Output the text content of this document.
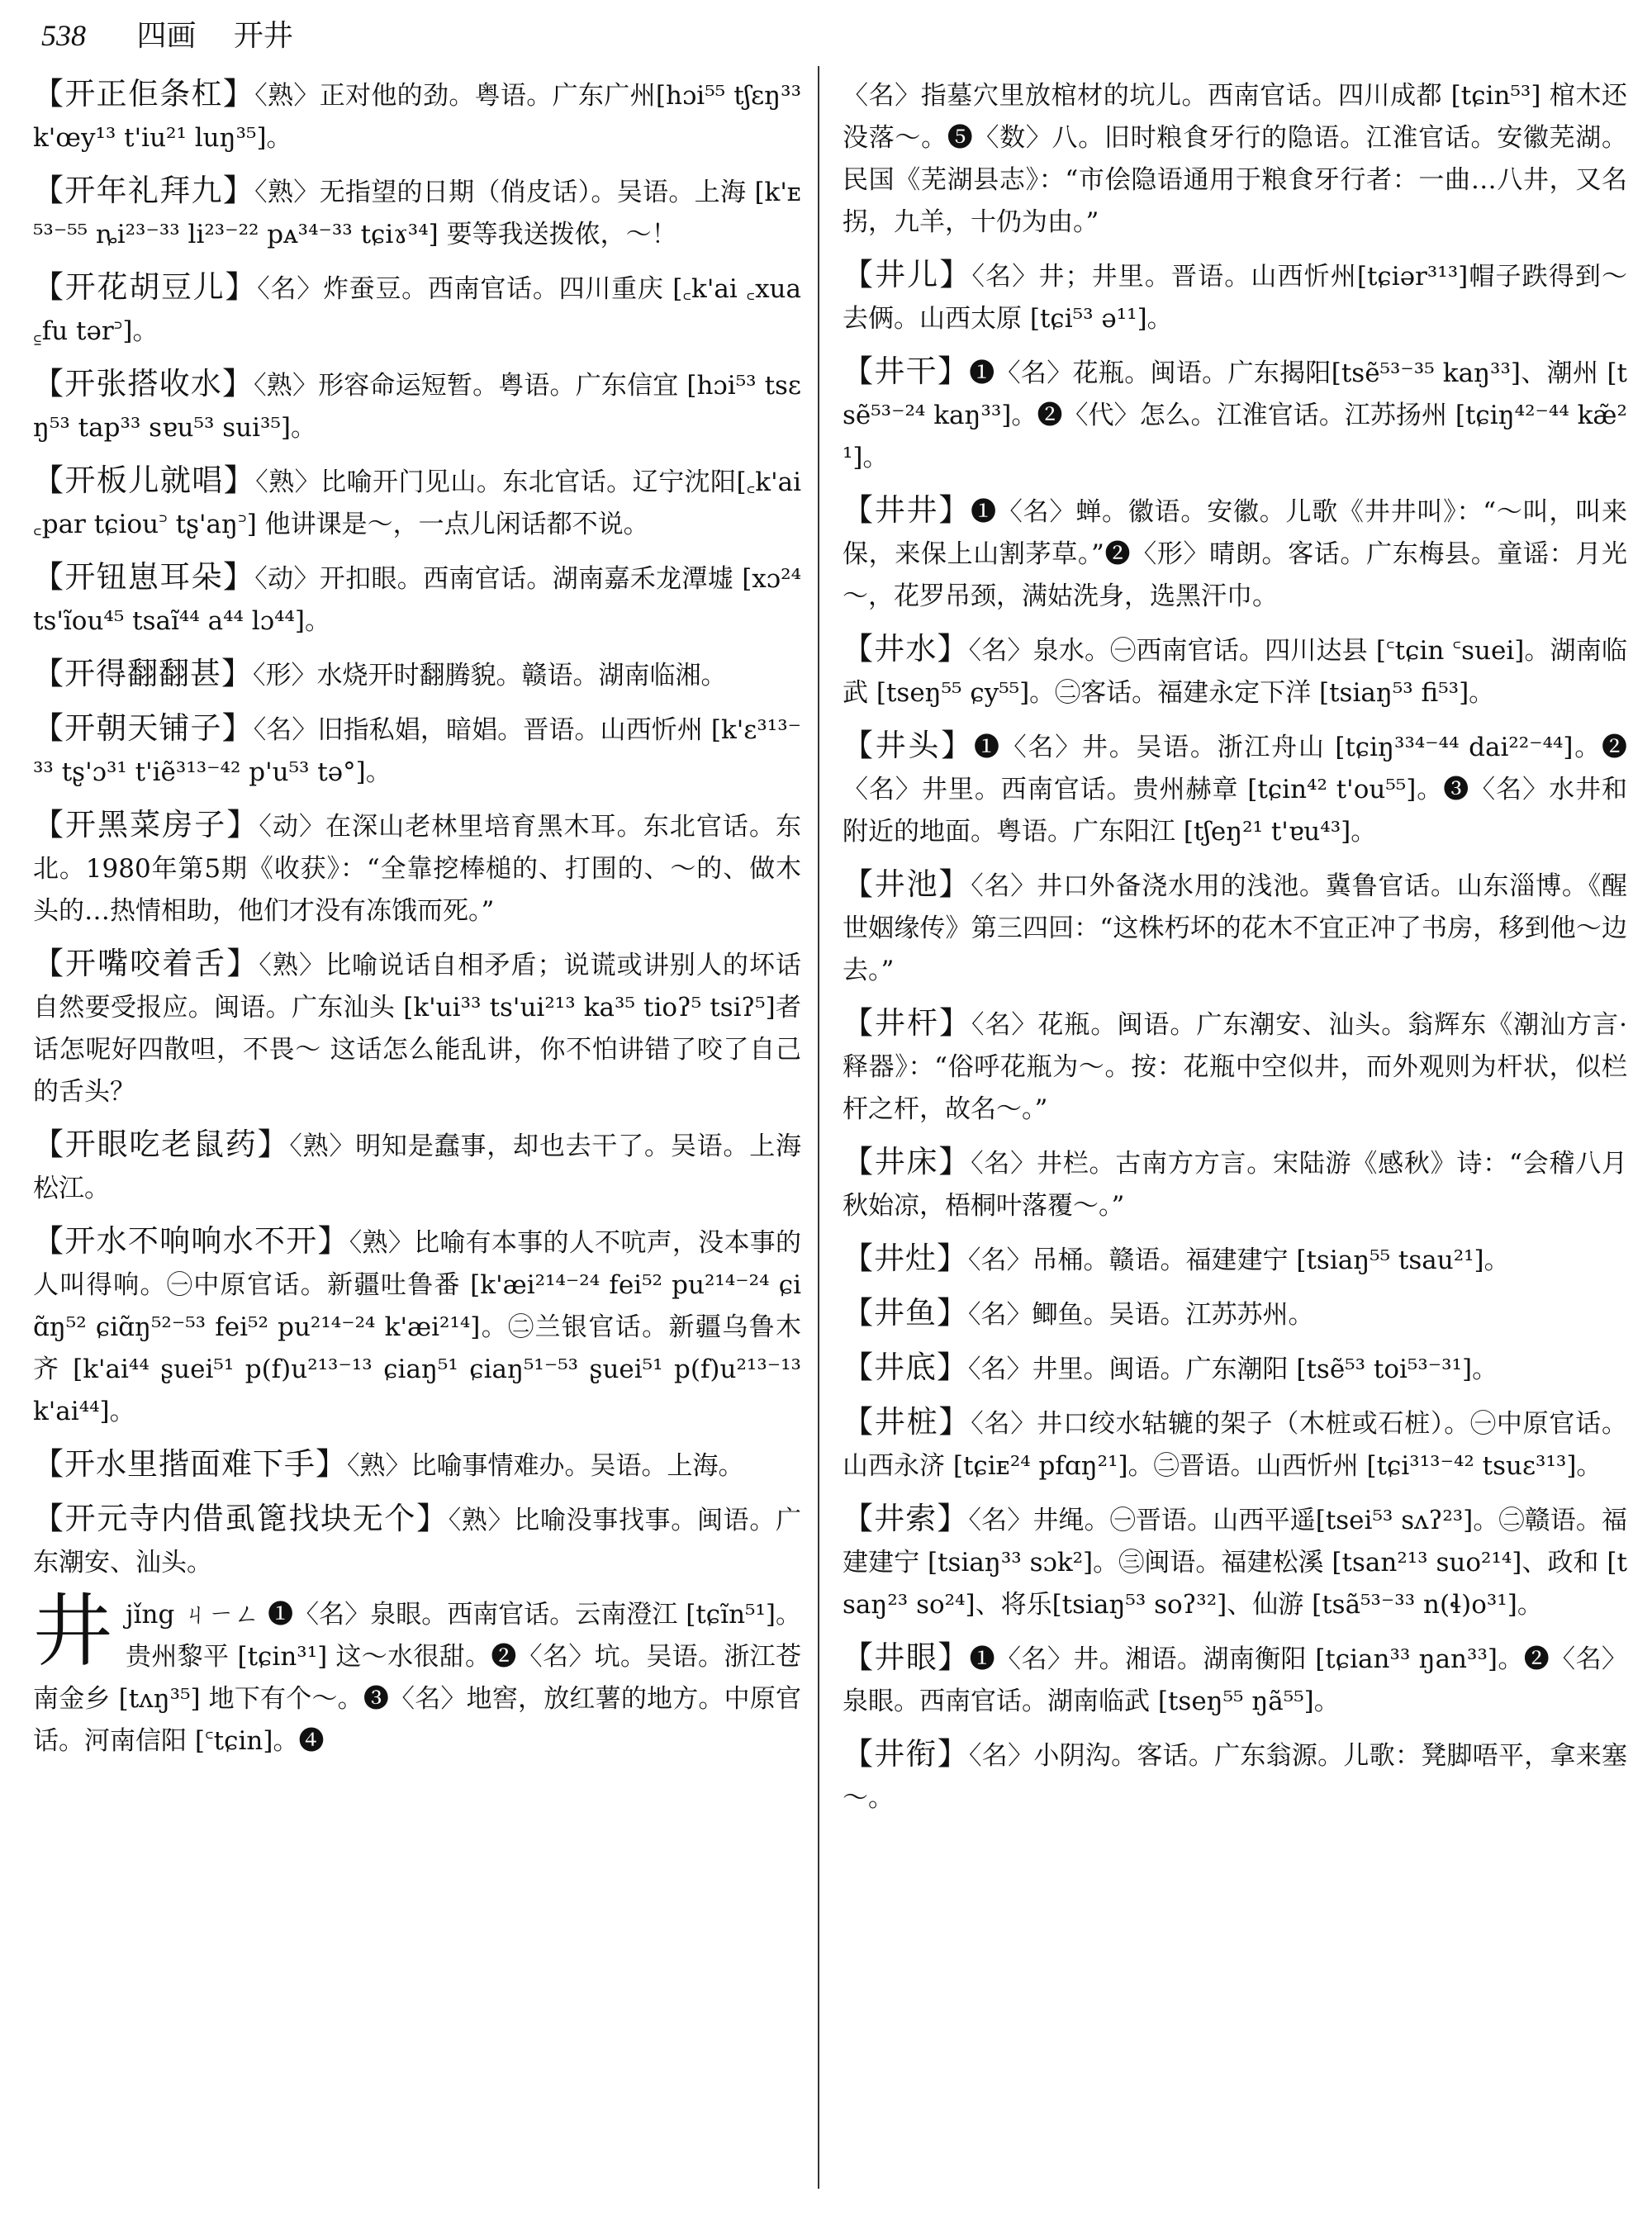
538 四画 开井

【开正佢条杠】〈熟〉正对他的劲。粤语。广东广州[hɔi⁵⁵ tʃɛŋ³³ k'œy¹³ t'iu²¹ luŋ³⁵]。

【开年礼拜九】〈熟〉无指望的日期（俏皮话）。吴语。上海 [k'ᴇ⁵³⁻⁵⁵ ȵi²³⁻³³ li²³⁻²² pᴀ³⁴⁻³³ tɕiɤ³⁴] 要等我送拨侬，～！

【开花胡豆儿】〈名〉炸蚕豆。西南官话。四川重庆 [꜀k'ai ꜀xua ꜁fu tər꜄]。

【开张搭收水】〈熟〉形容命运短暂。粤语。广东信宜 [hɔi⁵³ tsɛŋ⁵³ tap³³ sɐu⁵³ sui³⁵]。

【开板儿就唱】〈熟〉比喻开门见山。东北官话。辽宁沈阳[꜀k'ai ꜀par tɕiou꜄ tʂ'aŋ꜄] 他讲课是～，一点儿闲话都不说。

【开钮崽耳朵】〈动〉开扣眼。西南官话。湖南嘉禾龙潭墟 [xɔ²⁴ ts'ĩou⁴⁵ tsaĩ⁴⁴ a⁴⁴ lɔ⁴⁴]。

【开得翻翻甚】〈形〉水烧开时翻腾貌。赣语。湖南临湘。

【开朝天铺子】〈名〉旧指私娼，暗娼。晋语。山西忻州 [k'ɛ³¹³⁻³³ tʂ'ɔ³¹ t'iẽ³¹³⁻⁴² p'u⁵³ tə°]。

【开黑菜房子】〈动〉在深山老林里培育黑木耳。东北官话。东北。1980年第5期《收获》：“全靠挖棒槌的、打围的、～的、做木头的…热情相助，他们才没有冻饿而死。”

【开嘴咬着舌】〈熟〉比喻说话自相矛盾；说谎或讲别人的坏话自然要受报应。闽语。广东汕头 [k'ui³³ ts'ui²¹³ ka³⁵ tioʔ⁵ tsiʔ⁵]者话怎呢好四散呾，不畏～ 这话怎么能乱讲，你不怕讲错了咬了自己的舌头？

【开眼吃老鼠药】〈熟〉明知是蠢事，却也去干了。吴语。上海松江。

【开水不响响水不开】〈熟〉比喻有本事的人不吭声，没本事的人叫得响。㊀中原官话。新疆吐鲁番 [k'æi²¹⁴⁻²⁴ fei⁵² pu²¹⁴⁻²⁴ ɕiɑ̃ŋ⁵² ɕiɑ̃ŋ⁵²⁻⁵³ fei⁵² pu²¹⁴⁻²⁴ k'æi²¹⁴]。㊁兰银官话。新疆乌鲁木齐 [k'ai⁴⁴ ʂuei⁵¹ p(f)u²¹³⁻¹³ ɕiaŋ⁵¹ ɕiaŋ⁵¹⁻⁵³ ʂuei⁵¹ p(f)u²¹³⁻¹³ k'ai⁴⁴]。

【开水里揩面难下手】〈熟〉比喻事情难办。吴语。上海。

【开元寺内借虱篦找块无个】〈熟〉比喻没事找事。闽语。广东潮安、汕头。

井 jǐng ㄐㄧㄥ ❶〈名〉泉眼。西南官话。云南澄江 [tɕĩn⁵¹]。贵州黎平 [tɕin³¹] 这～水很甜。❷〈名〉坑。吴语。浙江苍南金乡 [tʌŋ³⁵] 地下有个～。❸〈名〉地窖，放红薯的地方。中原官话。河南信阳 [꜂tɕin]。❹

〈名〉指墓穴里放棺材的坑儿。西南官话。四川成都 [tɕin⁵³] 棺木还没落～。❺〈数〉八。旧时粮食牙行的隐语。江淮官话。安徽芜湖。民国《芜湖县志》：“市侩隐语通用于粮食牙行者：一曲…八井，又名拐，九羊，十仍为由。”

【井儿】〈名〉井；井里。晋语。山西忻州[tɕiər³¹³]帽子跌得到～去俩。山西太原 [tɕi⁵³ ə¹¹]。

【井干】❶〈名〉花瓶。闽语。广东揭阳[tsẽ⁵³⁻³⁵ kaŋ³³]、潮州 [tsẽ⁵³⁻²⁴ kaŋ³³]。❷〈代〉怎么。江淮官话。江苏扬州 [tɕiŋ⁴²⁻⁴⁴ kæ̃²¹]。

【井井】❶〈名〉蝉。徽语。安徽。儿歌《井井叫》：“～叫，叫来保，来保上山割茅草。”❷〈形〉晴朗。客话。广东梅县。童谣：月光～，花罗吊颈，满姑洗身，选黑汗巾。

【井水】〈名〉泉水。㊀西南官话。四川达县 [꜂tɕin ꜂suei]。湖南临武 [tseŋ⁵⁵ ɕy⁵⁵]。㊁客话。福建永定下洋 [tsiaŋ⁵³ fi⁵³]。

【井头】❶〈名〉井。吴语。浙江舟山 [tɕiŋ³³⁴⁻⁴⁴ dai²²⁻⁴⁴]。❷〈名〉井里。西南官话。贵州赫章 [tɕin⁴² t'ou⁵⁵]。❸〈名〉水井和附近的地面。粤语。广东阳江 [tʃeŋ²¹ t'ɐu⁴³]。

【井池】〈名〉井口外备浇水用的浅池。冀鲁官话。山东淄博。《醒世姻缘传》第三四回：“这株朽坏的花木不宜正冲了书房，移到他～边去。”

【井杆】〈名〉花瓶。闽语。广东潮安、汕头。翁辉东《潮汕方言·释器》：“俗呼花瓶为～。按：花瓶中空似井，而外观则为杆状，似栏杆之杆，故名～。”

【井床】〈名〉井栏。古南方方言。宋陆游《感秋》诗：“会稽八月秋始凉，梧桐叶落覆～。”

【井灶】〈名〉吊桶。赣语。福建建宁 [tsiaŋ⁵⁵ tsau²¹]。

【井鱼】〈名〉鲫鱼。吴语。江苏苏州。

【井底】〈名〉井里。闽语。广东潮阳 [tsẽ⁵³ toi⁵³⁻³¹]。

【井桩】〈名〉井口绞水轱辘的架子（木桩或石桩）。㊀中原官话。山西永济 [tɕiᴇ²⁴ pfɑŋ²¹]。㊁晋语。山西忻州 [tɕi³¹³⁻⁴² tsuɛ³¹³]。

【井索】〈名〉井绳。㊀晋语。山西平遥[tsei⁵³ sʌʔ²³]。㊁赣语。福建建宁 [tsiaŋ³³ sɔk²]。㊂闽语。福建松溪 [tsan²¹³ suo²¹⁴]、政和 [tsaŋ²³ so²⁴]、将乐[tsiaŋ⁵³ soʔ³²]、仙游 [tsã⁵³⁻³³ n(ɬ)o³¹]。

【井眼】❶〈名〉井。湘语。湖南衡阳 [tɕian³³ ŋan³³]。❷〈名〉泉眼。西南官话。湖南临武 [tseŋ⁵⁵ ŋã⁵⁵]。

【井衔】〈名〉小阴沟。客话。广东翁源。儿歌：凳脚唔平，拿来塞～。
